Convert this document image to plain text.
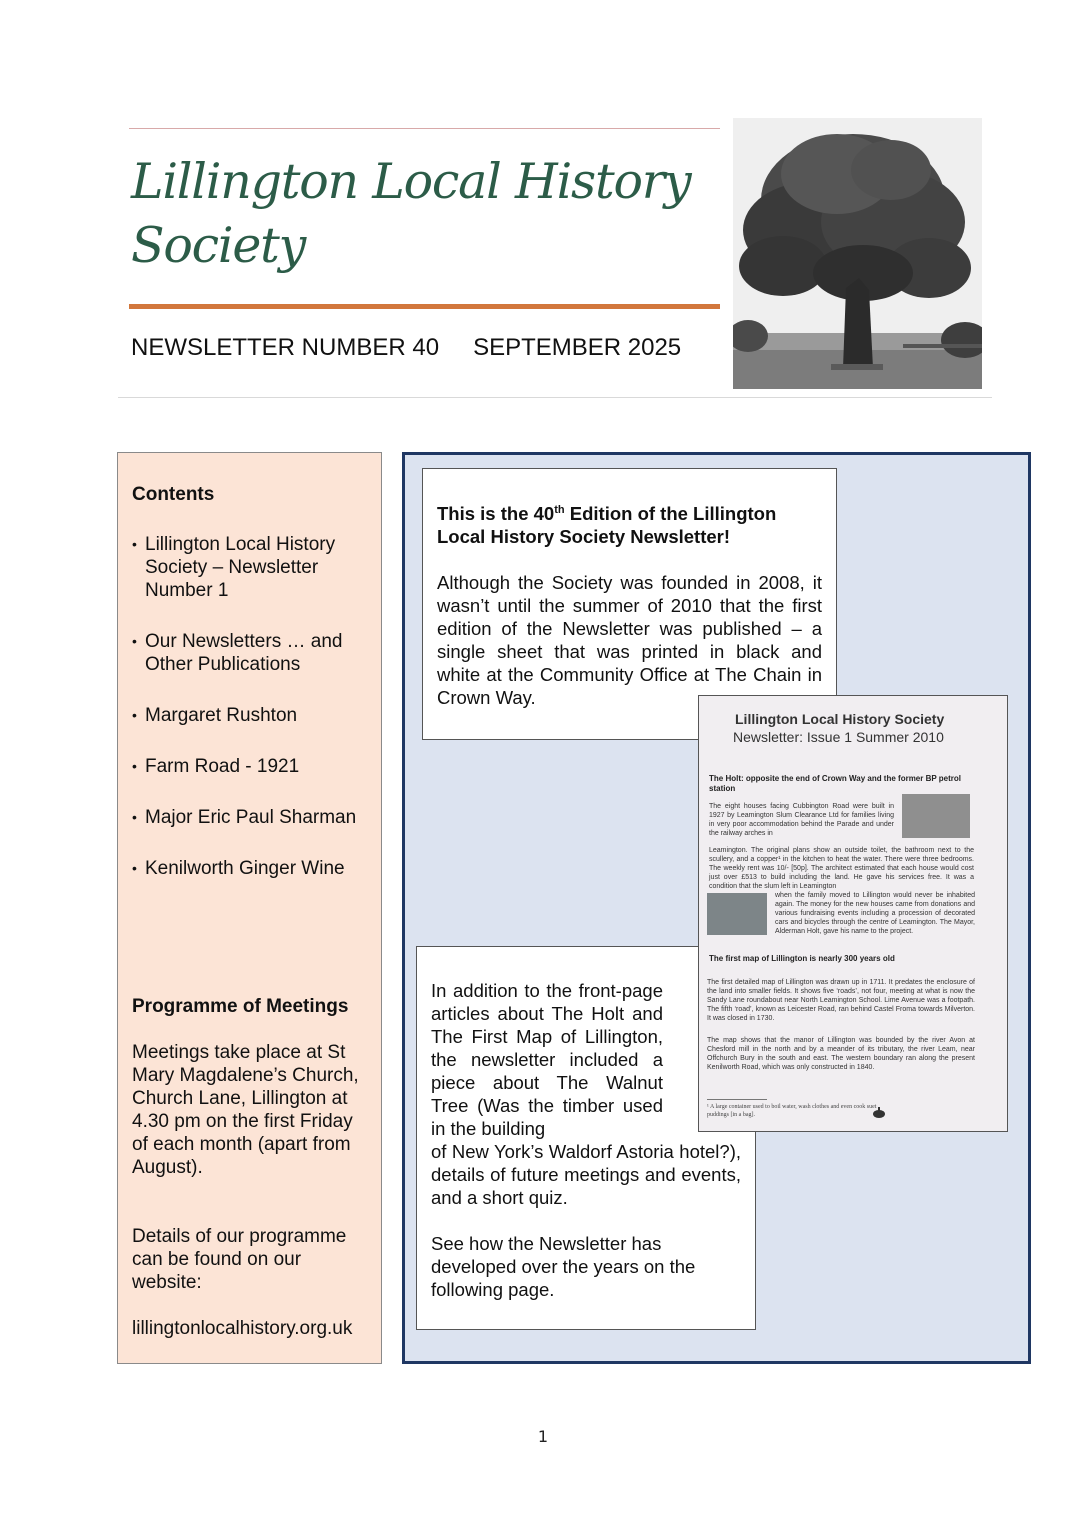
Lillington Local History
Society
NEWSLETTER NUMBER 40 SEPTEMBER 2025
Contents
• Lillington Local History Society – Newsletter Number 1
• Our Newsletters … and Other Publications
• Margaret Rushton
• Farm Road - 1921
• Major Eric Paul Sharman
• Kenilworth Ginger Wine
Programme of Meetings
Meetings take place at St Mary Magdalene’s Church, Church Lane, Lillington at 4.30 pm on the first Friday of each month (apart from August).
Details of our programme can be found on our website:
lillingtonlocalhistory.org.uk

This is the 40th Edition of the Lillington Local History Society Newsletter!

Although the Society was founded in 2008, it wasn’t until the summer of 2010 that the first edition of the Newsletter was published – a single sheet that was printed in black and white at the Community Office at The Chain in Crown Way.

In addition to the front-page articles about The Holt and The First Map of Lillington, the newsletter included a piece about The Walnut Tree (Was the timber used in the building

of New York’s Waldorf Astoria hotel?), details of future meetings and events, and a short quiz.

See how the Newsletter has developed over the years on the following page.

Lillington Local History Society
Newsletter: Issue 1 Summer 2010
The Holt: opposite the end of Crown Way and the former BP petrol station
The eight houses facing Cubbington Road were built in 1927 by Leamington Slum Clearance Ltd for families living in very poor accommodation behind the Parade and under the railway arches in
Leamington. The original plans show an outside toilet, the bathroom next to the scullery, and a copper¹ in the kitchen to heat the water. There were three bedrooms. The weekly rent was 10/- [50p]. The architect estimated that each house would cost just over £513 to build including the land. He gave his services free. It was a condition that the slum left in Leamington
when the family moved to Lillington would never be inhabited again. The money for the new houses came from donations and various fundraising events including a procession of decorated cars and bicycles through the centre of Leamington. The Mayor, Alderman Holt, gave his name to the project.
The first map of Lillington is nearly 300 years old
The first detailed map of Lillington was drawn up in 1711. It predates the enclosure of the land into smaller fields. It shows five ‘roads’, not four, meeting at what is now the Sandy Lane roundabout near North Leamington School. Lime Avenue was a footpath. The fifth ‘road’, known as Leicester Road, ran behind Castel Froma towards Milverton. It was closed in 1730.
The map shows that the manor of Lillington was bounded by the river Avon at Chesford mill in the north and by a meander of its tributary, the river Leam, near Offchurch Bury in the south and east. The western boundary ran along the present Kenilworth Road, which was only constructed in 1840.
¹ A large container used to boil water, wash clothes and even cook suet puddings [in a bag].
1
